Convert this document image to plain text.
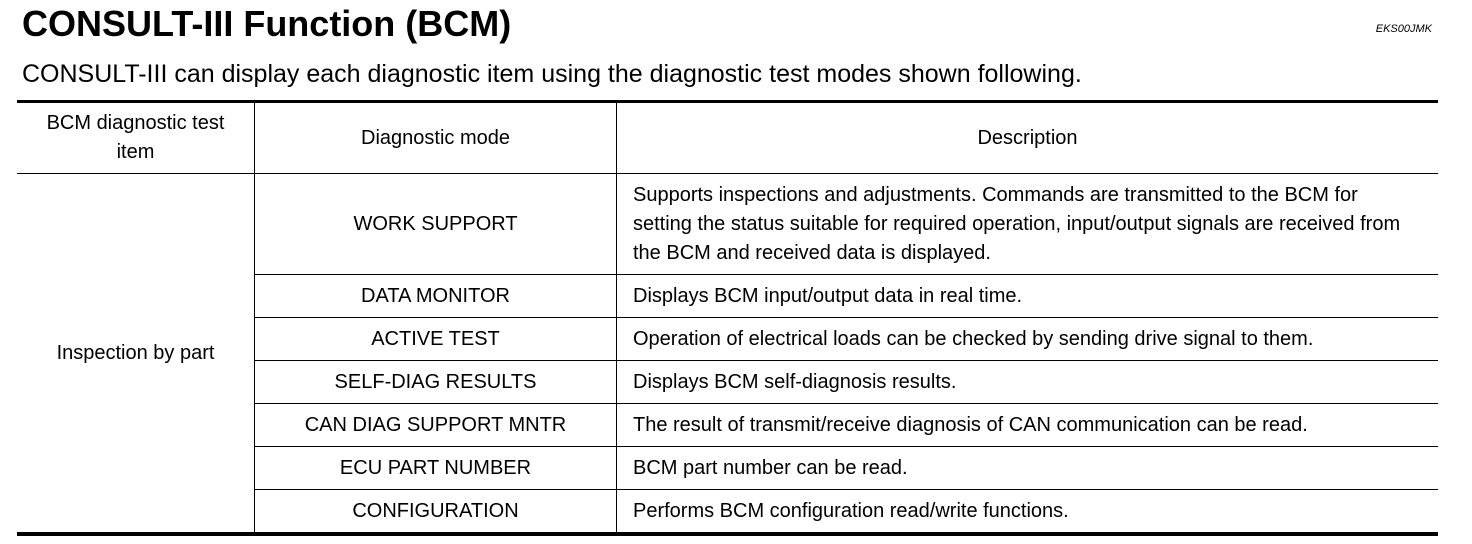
CONSULT-III Function (BCM)	EKS00JMK
CONSULT-III can display each diagnostic item using the diagnostic test modes shown following.
BCM diagnostic test item	Diagnostic mode	Description
Inspection by part	WORK SUPPORT	Supports inspections and adjustments. Commands are transmitted to the BCM for setting the status suitable for required operation, input/output signals are received from the BCM and received data is displayed.
	DATA MONITOR	Displays BCM input/output data in real time.
	ACTIVE TEST	Operation of electrical loads can be checked by sending drive signal to them.
	SELF-DIAG RESULTS	Displays BCM self-diagnosis results.
	CAN DIAG SUPPORT MNTR	The result of transmit/receive diagnosis of CAN communication can be read.
	ECU PART NUMBER	BCM part number can be read.
	CONFIGURATION	Performs BCM configuration read/write functions.
